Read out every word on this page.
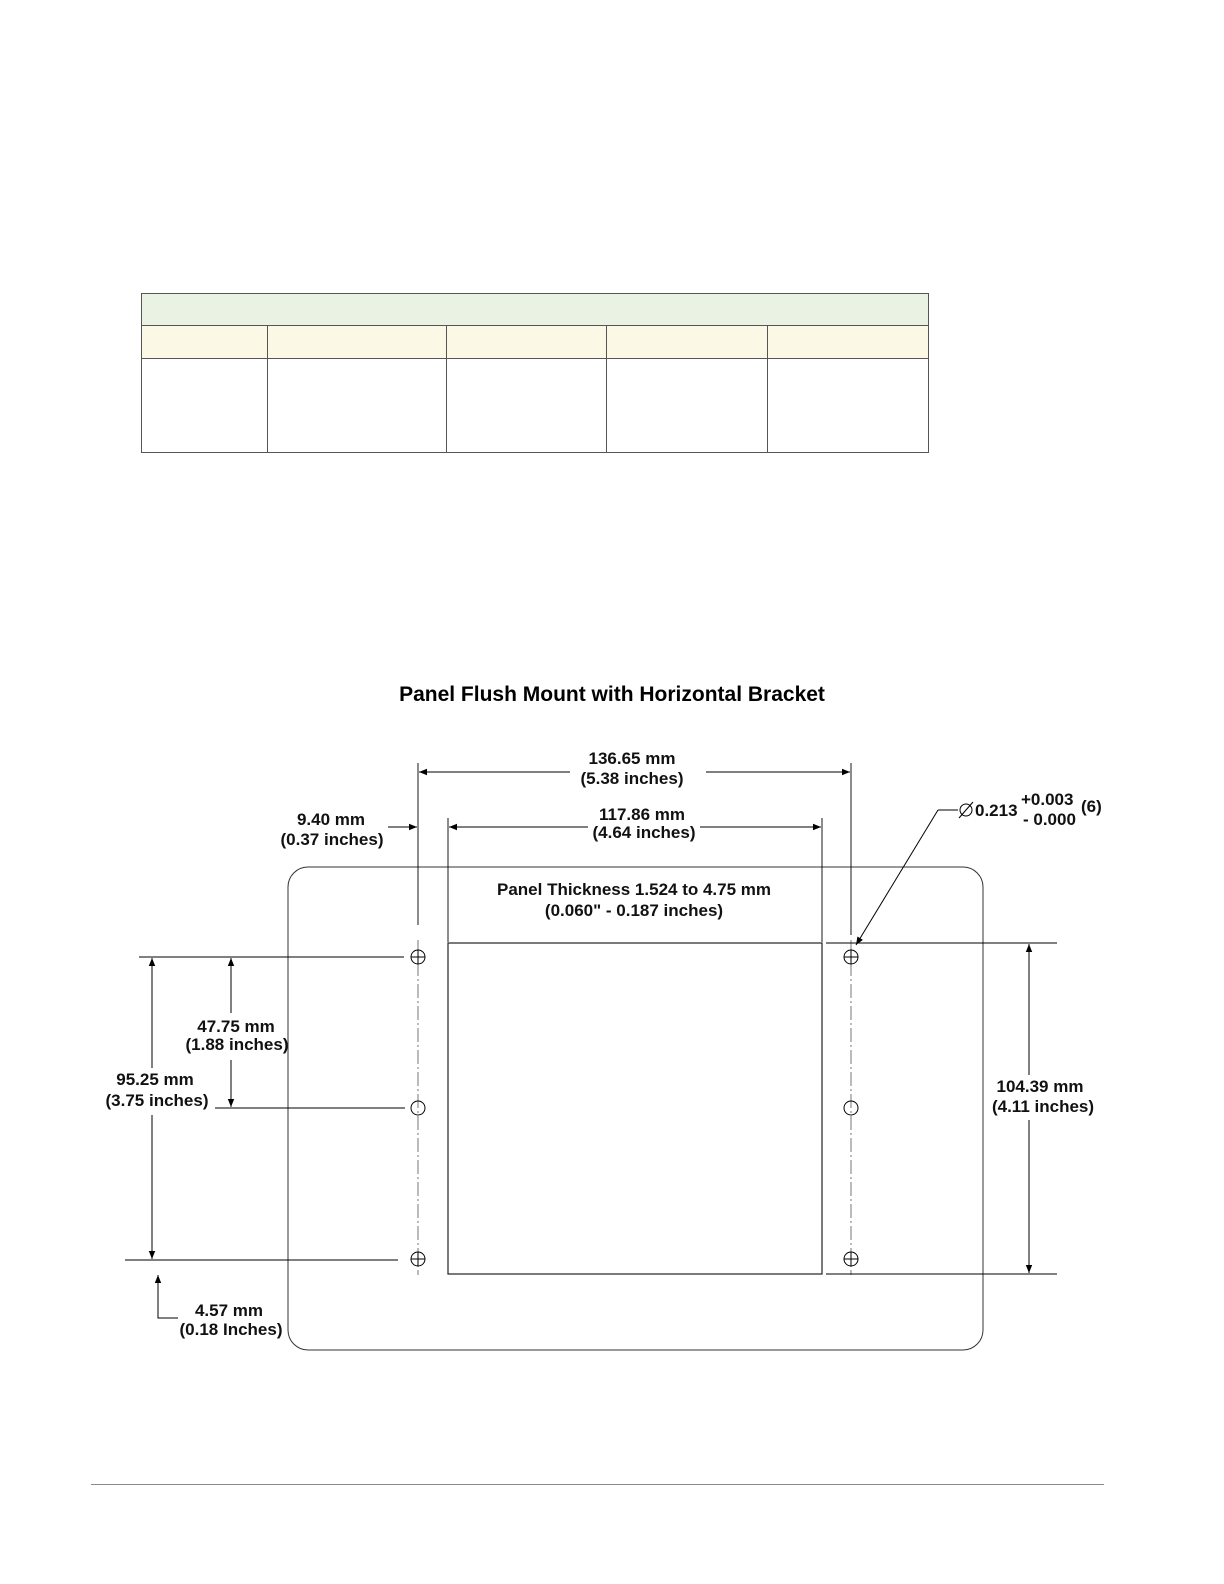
Panel Flush Mount with Horizontal Bracket
136.65 mm
(5.38 inches)
117.86 mm
(4.64 inches)
9.40 mm
(0.37 inches)
0.213
+0.003
- 0.000
(6)
Panel Thickness 1.524 to 4.75 mm
(0.060" - 0.187 inches)
47.75 mm
(1.88 inches)
95.25 mm
(3.75 inches)
104.39 mm
(4.11 inches)
4.57 mm
(0.18 Inches)
